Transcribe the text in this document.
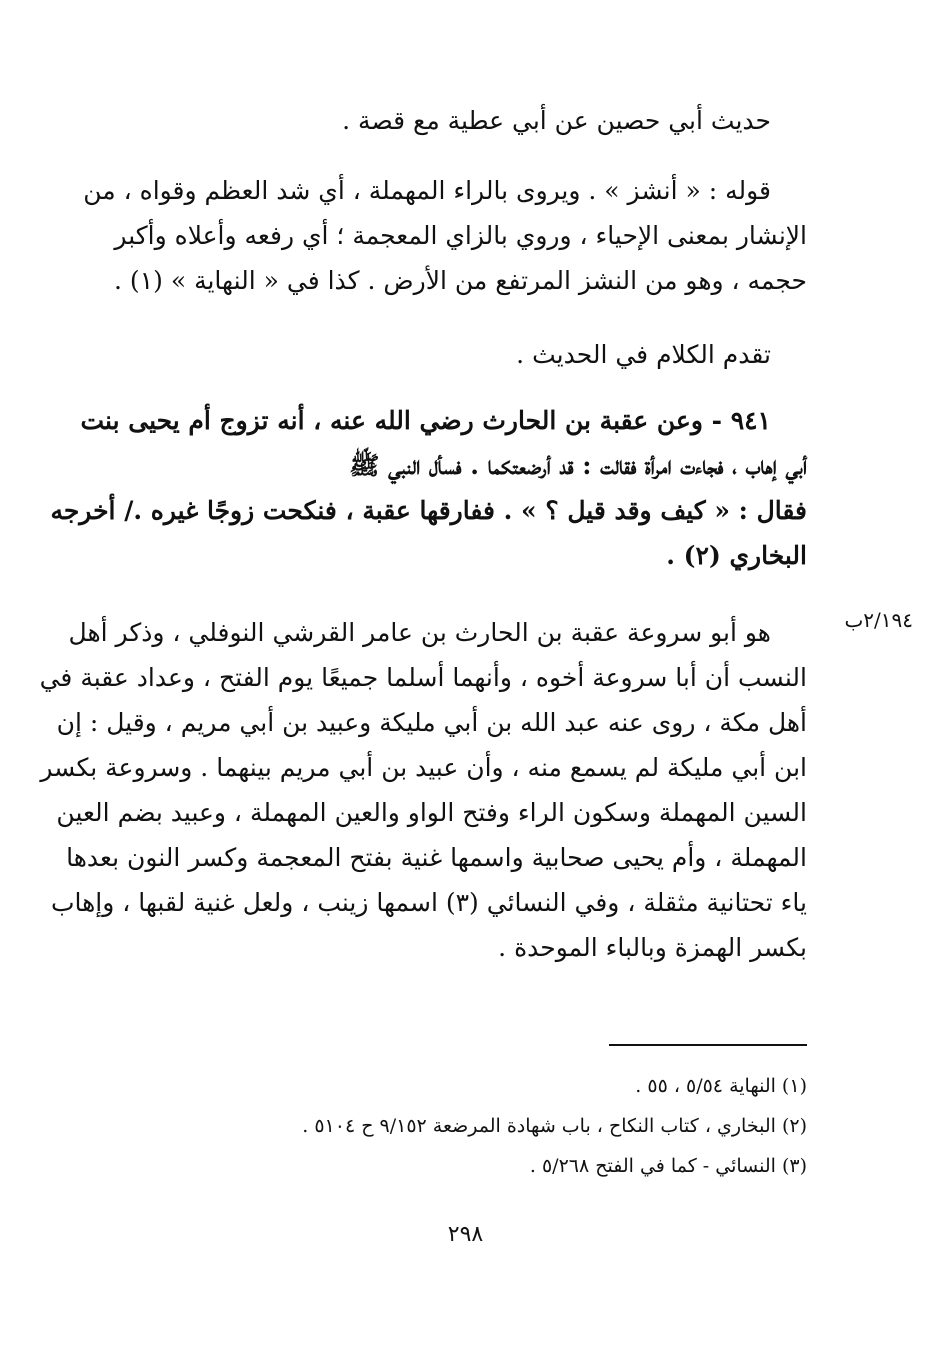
حديث أبي حصين عن أبي عطية مع قصة .
قوله : « أنشز » . ويروى بالراء المهملة ، أي شد العظم وقواه ، من
الإنشار بمعنى الإحياء ، وروي بالزاي المعجمة ؛ أي رفعه وأعلاه وأكبر
حجمه ، وهو من النشز المرتفع من الأرض . كذا في « النهاية » (١) .
تقدم الكلام في الحديث .
٩٤١ - وعن عقبة بن الحارث رضي الله عنه ، أنه تزوج أم يحيى بنت
أبي إهاب ، فجاءت امرأة فقالت : قد أرضعتكما . فسأل النبي ﷺ
فقال : « كيف وقد قيل ؟ » . ففارقها عقبة ، فنكحت زوجًا غيره ./ أخرجه
البخاري (٢) .
٢/١٩٤ب
هو أبو سروعة عقبة بن الحارث بن عامر القرشي النوفلي ، وذكر أهل
النسب أن أبا سروعة أخوه ، وأنهما أسلما جميعًا يوم الفتح ، وعداد عقبة في
أهل مكة ، روى عنه عبد الله بن أبي مليكة وعبيد بن أبي مريم ، وقيل : إن
ابن أبي مليكة لم يسمع منه ، وأن عبيد بن أبي مريم بينهما . وسروعة بكسر
السين المهملة وسكون الراء وفتح الواو والعين المهملة ، وعبيد بضم العين
المهملة ، وأم يحيى صحابية واسمها غنية بفتح المعجمة وكسر النون بعدها
ياء تحتانية مثقلة ، وفي النسائي (٣) اسمها زينب ، ولعل غنية لقبها ، وإهاب
بكسر الهمزة وبالباء الموحدة .
(١) النهاية ٥/٥٤ ، ٥٥ .
(٢) البخاري ، كتاب النكاح ، باب شهادة المرضعة ٩/١٥٢ ح ٥١٠٤ .
(٣) النسائي - كما في الفتح ٥/٢٦٨ .
٢٩٨
